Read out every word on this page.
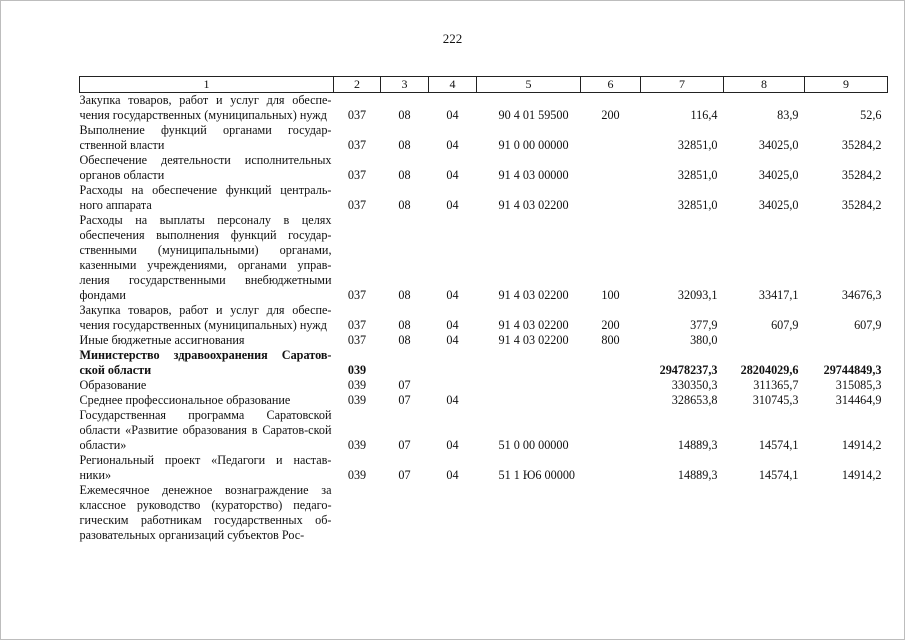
222
1	2	3	4	5	6	7	8	9
Закупка товаров, работ и услуг для обеспе-чения государственных (муниципальных) нужд	037	08	04	90 4 01 59500	200	116,4	83,9	52,6
Выполнение функций органами государ-ственной власти	037	08	04	91 0 00 00000		32851,0	34025,0	35284,2
Обеспечение деятельности исполнительных органов области	037	08	04	91 4 03 00000		32851,0	34025,0	35284,2
Расходы на обеспечение функций централь-ного аппарата	037	08	04	91 4 03 02200		32851,0	34025,0	35284,2
Расходы на выплаты персоналу в целях обеспечения выполнения функций государ-ственными (муниципальными) органами, казенными учреждениями, органами управ-ления государственными внебюджетными фондами	037	08	04	91 4 03 02200	100	32093,1	33417,1	34676,3
Закупка товаров, работ и услуг для обеспе-чения государственных (муниципальных) нужд	037	08	04	91 4 03 02200	200	377,9	607,9	607,9
Иные бюджетные ассигнования	037	08	04	91 4 03 02200	800	380,0		
Министерство здравоохранения Саратов-ской области	039					29478237,3	28204029,6	29744849,3
Образование	039	07				330350,3	311365,7	315085,3
Среднее профессиональное образование	039	07	04			328653,8	310745,3	314464,9
Государственная программа Саратовской области «Развитие образования в Саратов-ской области»	039	07	04	51 0 00 00000		14889,3	14574,1	14914,2
Региональный проект «Педагоги и настав-ники»	039	07	04	51 1 Ю6 00000		14889,3	14574,1	14914,2
Ежемесячное денежное вознаграждение за классное руководство (кураторство) педаго-гическим работникам государственных об-разовательных организаций субъектов Рос-								
